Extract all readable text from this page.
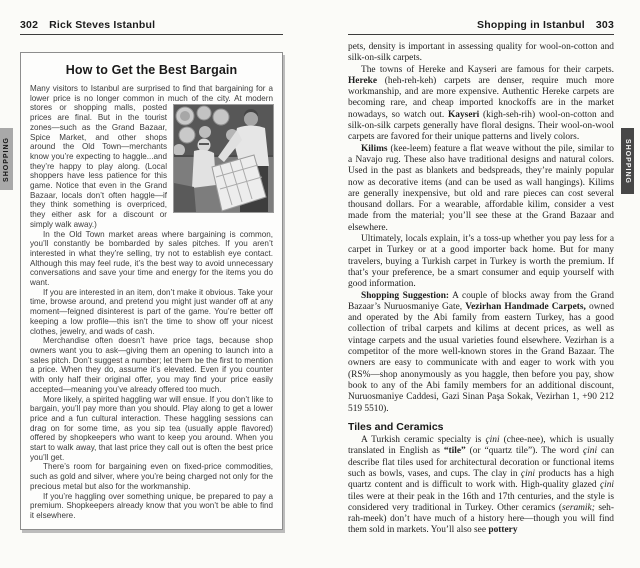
302 Rick Steves Istanbul	Shopping in Istanbul 303
SHOPPING	SHOPPING
How to Get the Best Bargain

Many visitors to Istanbul are surprised to find that bargaining for a lower price is no longer common in much of the city. At
modern stores or shopping malls, posted prices are final. But in the tourist zones—such as the Grand Bazaar, Spice Market, and other shops around the Old Town—merchants know you’re expecting to haggle...and they’re happy to play along. (Local shoppers have less patience for this game. Notice that even in the Grand Bazaar, locals don’t often haggle—if they think something is overpriced, they either ask for a discount or simply walk away.)

In the Old Town market areas where bargaining is common, you’ll constantly be bombarded by sales pitches. If you aren’t interested in what they’re selling, try not to establish eye contact. Although this may feel rude, it’s the best way to avoid unnecessary conversations and save your time and energy for the items you do want.

If you are interested in an item, don’t make it obvious. Take your time, browse around, and pretend you might just wander off at any moment—feigned disinterest is part of the game. You’re better off keeping a low profile—this isn’t the time to show off your nicest clothes, jewelry, and wads of cash.

Merchandise often doesn’t have price tags, because shop owners want you to ask—giving them an opening to launch into a sales pitch. Don’t suggest a number; let them be the first to mention a price. When they do, assume it’s elevated. Even if you counter with only half their original offer, you may find your price easily accepted—meaning you’ve already offered too much.

More likely, a spirited haggling war will ensue. If you don’t like to bargain, you’ll pay more than you should. Play along to get a lower price and a fun cultural interaction. These haggling sessions can drag on for some time, as you sip tea (usually apple flavored) offered by shopkeepers who want to keep you around. When you start to walk away, that last price they call out is often the best price you’ll get.

There’s room for bargaining even on fixed-price commodities, such as gold and silver, where you’re being charged not only for the precious metal but also for the workmanship.

If you’re haggling over something unique, be prepared to pay a premium. Shopkeepers already know that you won’t be able to find it elsewhere.

pets, density is important in assessing quality for wool-on-cotton and silk-on-silk carpets.

The towns of Hereke and Kayseri are famous for their carpets. Hereke (heh-reh-keh) carpets are denser, require much more workmanship, and are more expensive. Authentic Hereke carpets are becoming rare, and cheap imported knockoffs are in the market nowadays, so watch out. Kayseri (kigh-seh-rih) wool-on-cotton and silk-on-silk carpets generally have floral designs. Their wool-on-wool carpets are favored for their unique patterns and lively colors.

Kilims (kee-leem) feature a flat weave without the pile, similar to a Navajo rug. These also have traditional designs and natural colors. Used in the past as blankets and bedspreads, they’re mainly popular now as decorative items (and can be used as wall hangings). Kilims are generally inexpensive, but old and rare pieces can cost several thousand dollars. For a wearable, affordable kilim, consider a vest made from the material; you’ll see these at the Grand Bazaar and elsewhere.

Ultimately, locals explain, it’s a toss-up whether you pay less for a carpet in Turkey or at a good importer back home. But for many travelers, buying a Turkish carpet in Turkey is worth the premium. If that’s your preference, be a smart consumer and equip yourself with good information.

Shopping Suggestion: A couple of blocks away from the Grand Bazaar’s Nuruosmaniye Gate, Vezirhan Handmade Carpets, owned and operated by the Abi family from eastern Turkey, has a good collection of tribal carpets and kilims at decent prices, as well as vintage carpets and the usual varieties found elsewhere. Vezirhan is a competitor of the more well-known stores in the Grand Bazaar. The owners are easy to communicate with and eager to work with you (RS%—shop anonymously as you haggle, then before you pay, show book to any of the Abi family members for an additional discount, Nuruosmaniye Caddesi, Gazi Sinan Paşa Sokak, Vezirhan 1, +90 212 519 5510).

Tiles and Ceramics

A Turkish ceramic specialty is çini (chee-nee), which is usually translated in English as “tile” (or “quartz tile”). The word çini can describe flat tiles used for architectural decoration or functional items such as bowls, vases, and cups. The clay in çini products has a high quartz content and is difficult to work with. High-quality glazed çini tiles were at their peak in the 16th and 17th centuries, and the style is considered very traditional in Turkey. Other ceramics (seramik; seh-rah-meek) don’t have much of a history here—though you will find them sold in markets. You’ll also see pottery
